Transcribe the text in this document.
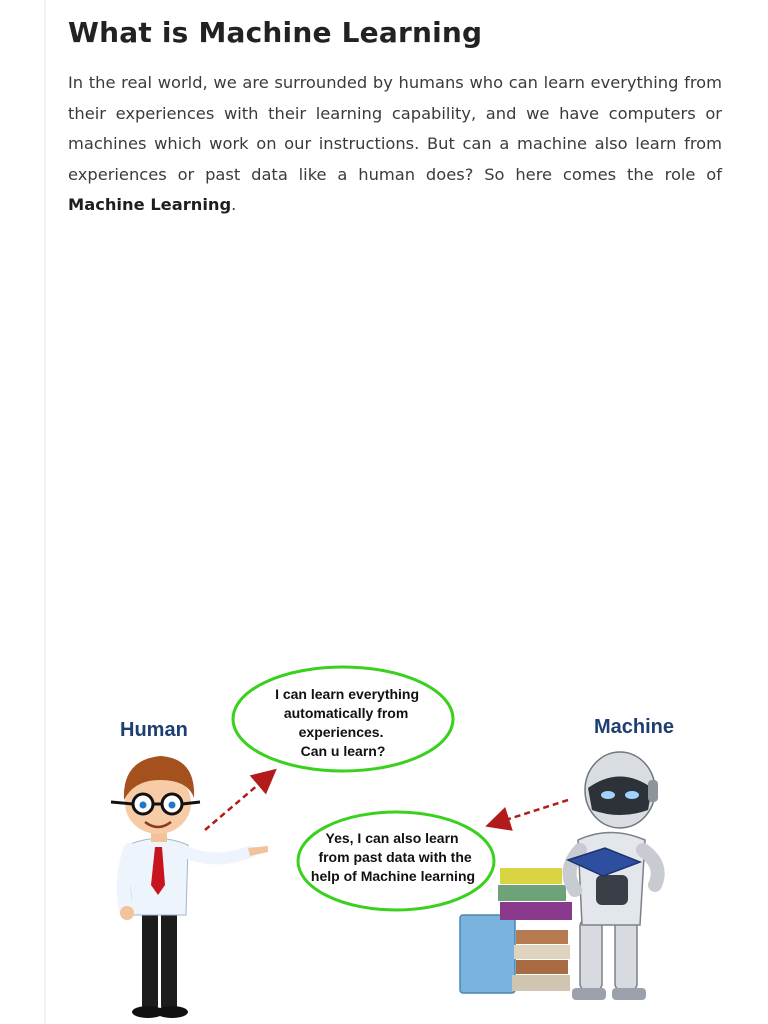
What is Machine Learning

In the real world, we are surrounded by humans who can learn everything from their experiences with their learning capability, and we have computers or machines which work on our instructions. But can a machine also learn from experiences or past data like a human does? So here comes the role of Machine Learning.

Human	Machine
I can learn everything automatically from experiences. Can u learn?
Yes, I can also learn from past data with the help of Machine learning
